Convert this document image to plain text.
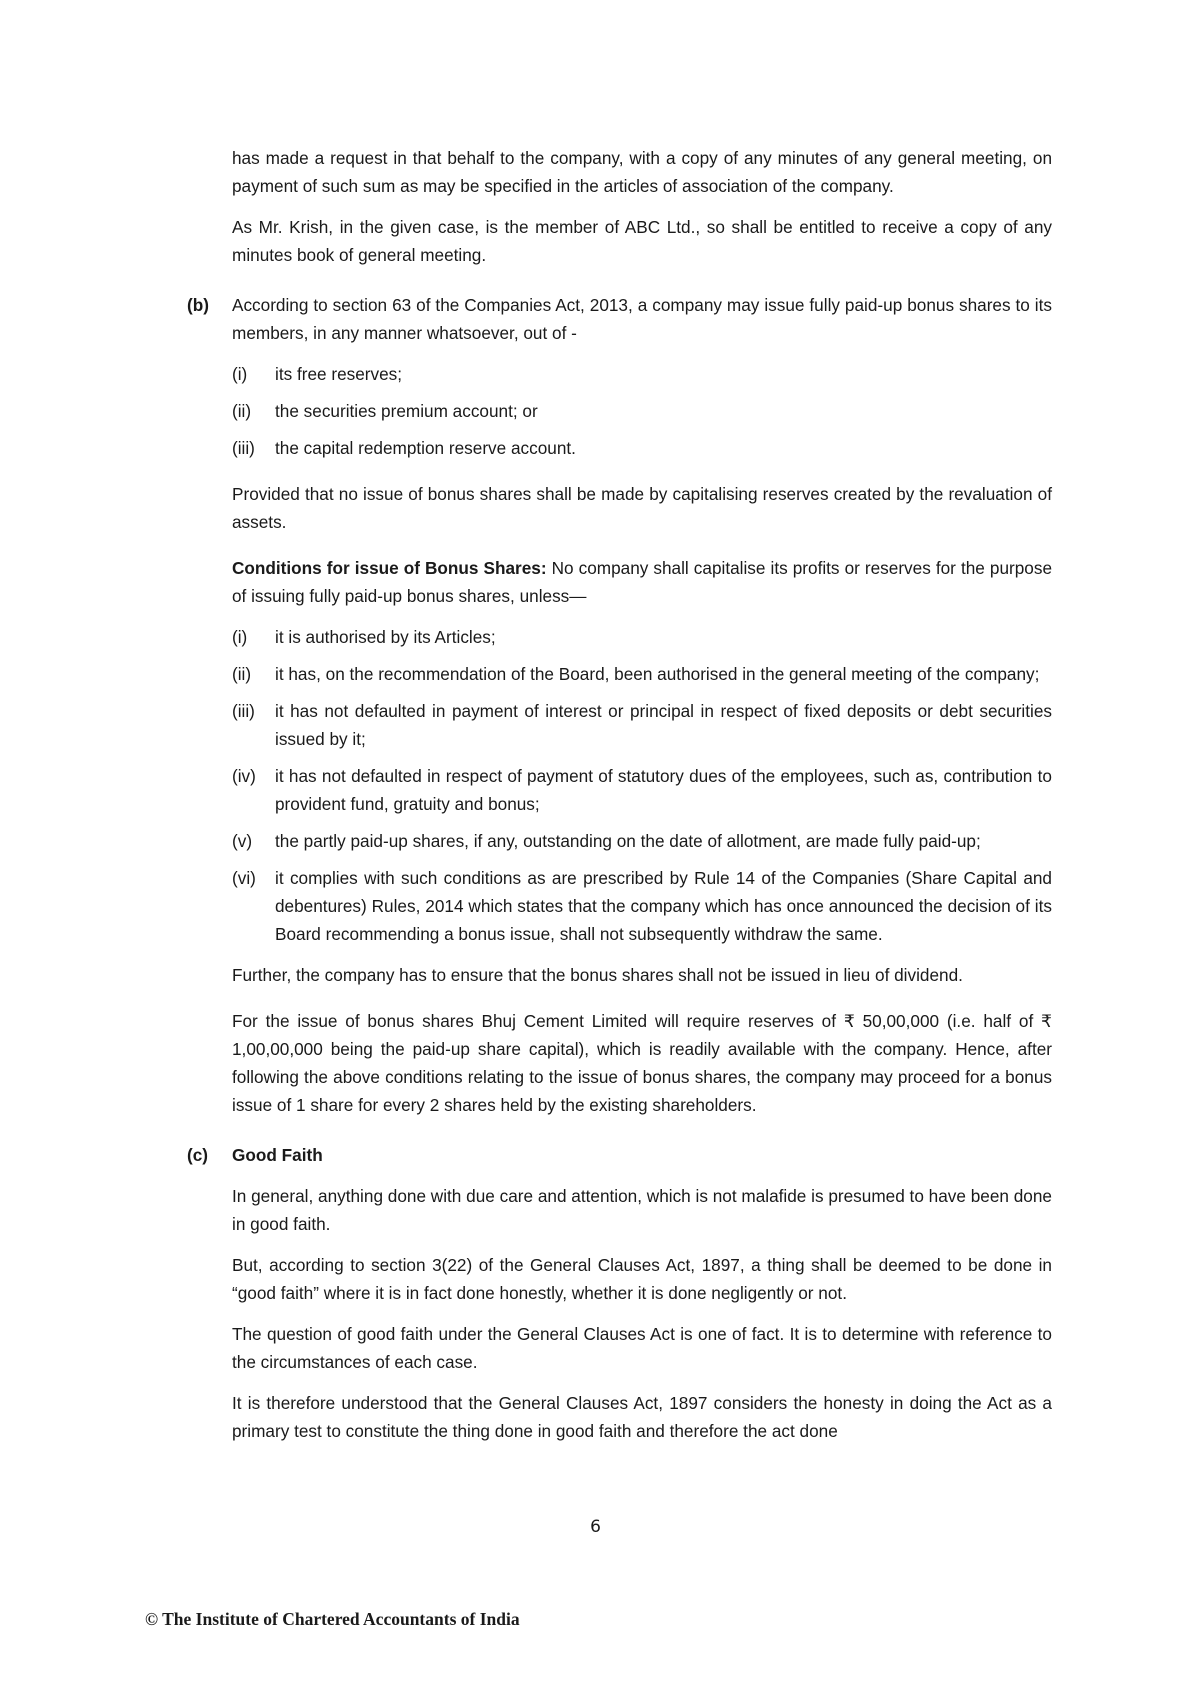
has made a request in that behalf to the company, with a copy of any minutes of any general meeting, on payment of such sum as may be specified in the articles of association of the company.

As Mr. Krish, in the given case, is the member of ABC Ltd., so shall be entitled to receive a copy of any minutes book of general meeting.

(b) According to section 63 of the Companies Act, 2013, a company may issue fully paid-up bonus shares to its members, in any manner whatsoever, out of -

(i) its free reserves;
(ii) the securities premium account; or
(iii) the capital redemption reserve account.

Provided that no issue of bonus shares shall be made by capitalising reserves created by the revaluation of assets.

Conditions for issue of Bonus Shares: No company shall capitalise its profits or reserves for the purpose of issuing fully paid-up bonus shares, unless—

(i) it is authorised by its Articles;
(ii) it has, on the recommendation of the Board, been authorised in the general meeting of the company;
(iii) it has not defaulted in payment of interest or principal in respect of fixed deposits or debt securities issued by it;
(iv) it has not defaulted in respect of payment of statutory dues of the employees, such as, contribution to provident fund, gratuity and bonus;
(v) the partly paid-up shares, if any, outstanding on the date of allotment, are made fully paid-up;
(vi) it complies with such conditions as are prescribed by Rule 14 of the Companies (Share Capital and debentures) Rules, 2014 which states that the company which has once announced the decision of its Board recommending a bonus issue, shall not subsequently withdraw the same.

Further, the company has to ensure that the bonus shares shall not be issued in lieu of dividend.

For the issue of bonus shares Bhuj Cement Limited will require reserves of ₹ 50,00,000 (i.e. half of ₹ 1,00,00,000 being the paid-up share capital), which is readily available with the company. Hence, after following the above conditions relating to the issue of bonus shares, the company may proceed for a bonus issue of 1 share for every 2 shares held by the existing shareholders.

(c) Good Faith

In general, anything done with due care and attention, which is not malafide is presumed to have been done in good faith.

But, according to section 3(22) of the General Clauses Act, 1897, a thing shall be deemed to be done in “good faith” where it is in fact done honestly, whether it is done negligently or not.

The question of good faith under the General Clauses Act is one of fact. It is to determine with reference to the circumstances of each case.

It is therefore understood that the General Clauses Act, 1897 considers the honesty in doing the Act as a primary test to constitute the thing done in good faith and therefore the act done

6
© The Institute of Chartered Accountants of India
